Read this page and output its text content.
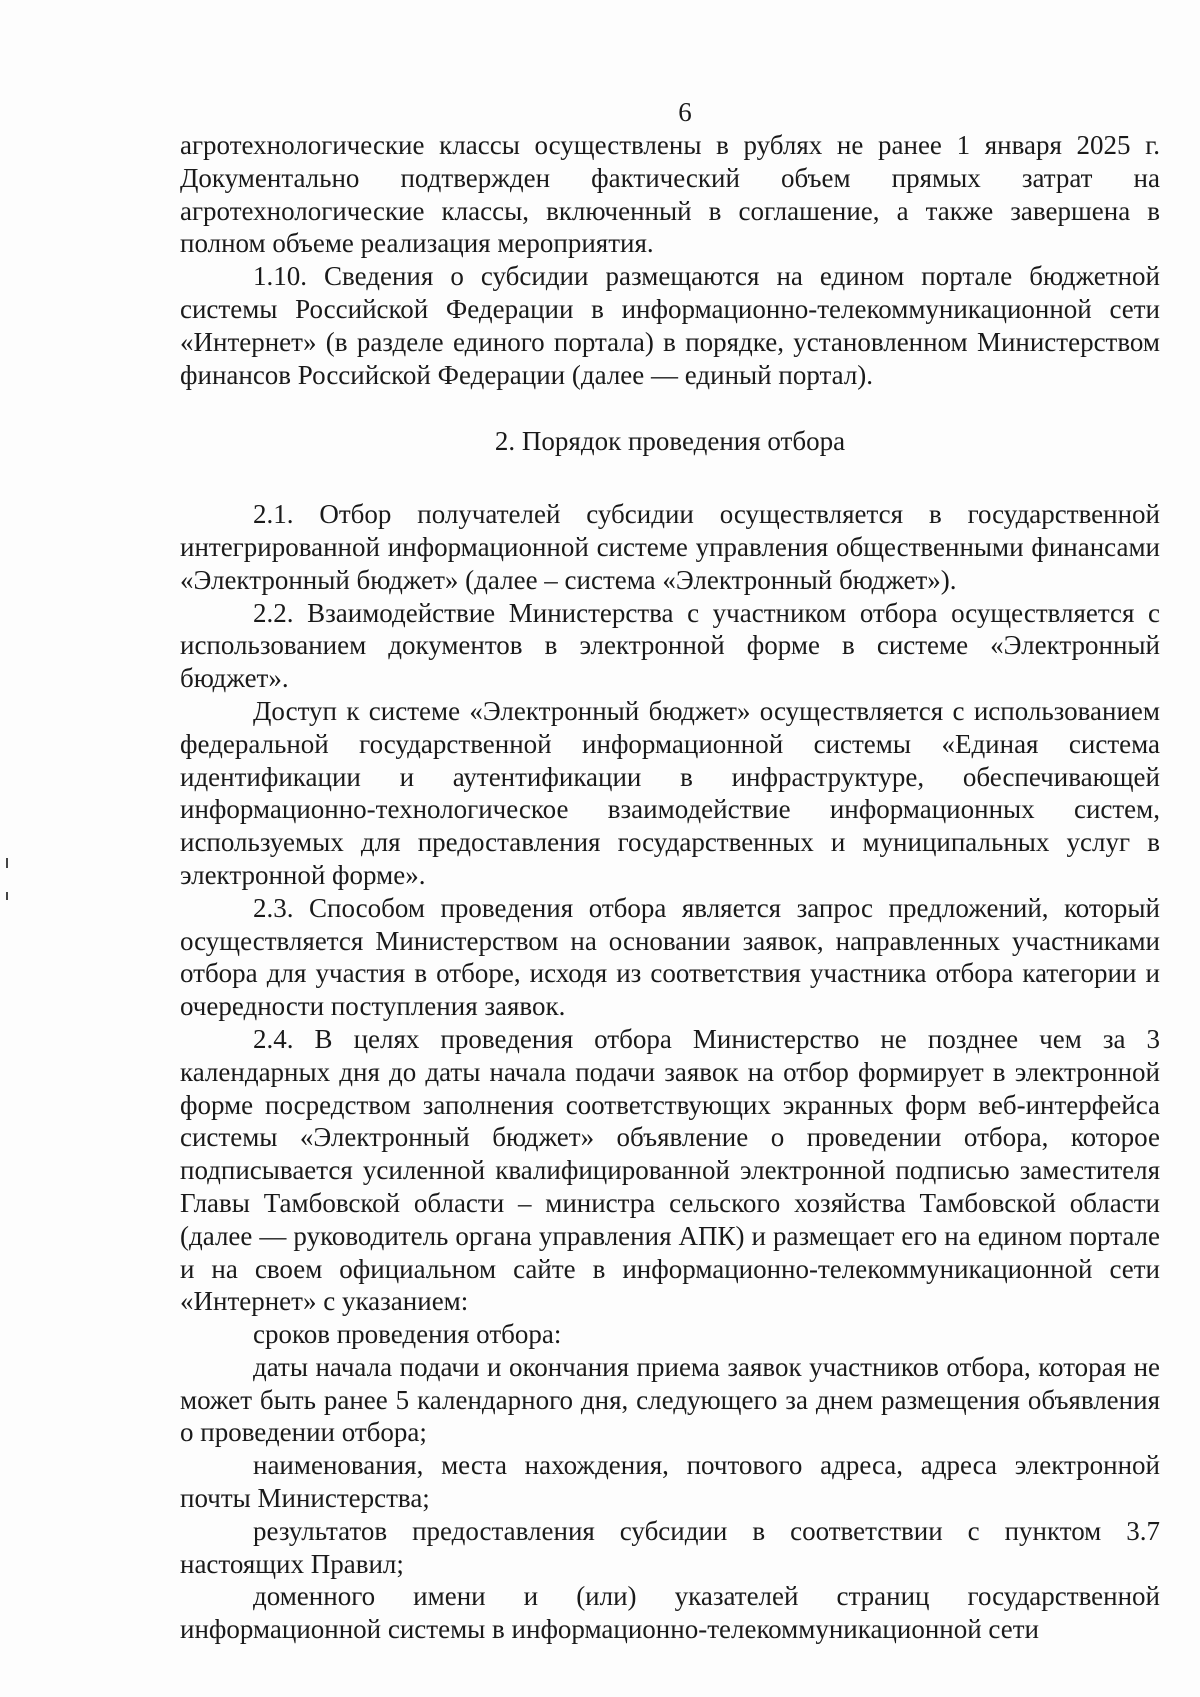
6

агротехнологические классы осуществлены в рублях не ранее 1 января 2025 г. Документально подтвержден фактический объем прямых затрат на агротехнологические классы, включенный в соглашение, а также завершена в полном объеме реализация мероприятия.

1.10. Сведения о субсидии размещаются на едином портале бюджетной системы Российской Федерации в информационно-телекоммуникационной сети «Интернет» (в разделе единого портала) в порядке, установленном Министерством финансов Российской Федерации (далее — единый портал).

2. Порядок проведения отбора

2.1. Отбор получателей субсидии осуществляется в государственной интегрированной информационной системе управления общественными финансами «Электронный бюджет» (далее – система «Электронный бюджет»).

2.2. Взаимодействие Министерства с участником отбора осуществляется с использованием документов в электронной форме в системе «Электронный бюджет».

Доступ к системе «Электронный бюджет» осуществляется с использованием федеральной государственной информационной системы «Единая система идентификации и аутентификации в инфраструктуре, обеспечивающей информационно-технологическое взаимодействие информационных систем, используемых для предоставления государственных и муниципальных услуг в электронной форме».

2.3. Способом проведения отбора является запрос предложений, который осуществляется Министерством на основании заявок, направленных участниками отбора для участия в отборе, исходя из соответствия участника отбора категории и очередности поступления заявок.

2.4. В целях проведения отбора Министерство не позднее чем за 3 календарных дня до даты начала подачи заявок на отбор формирует в электронной форме посредством заполнения соответствующих экранных форм веб-интерфейса системы «Электронный бюджет» объявление о проведении отбора, которое подписывается усиленной квалифицированной электронной подписью заместителя Главы Тамбовской области – министра сельского хозяйства Тамбовской области (далее — руководитель органа управления АПК) и размещает его на едином портале и на своем официальном сайте в информационно-телекоммуникационной сети «Интернет» с указанием:

сроков проведения отбора:

даты начала подачи и окончания приема заявок участников отбора, которая не может быть ранее 5 календарного дня, следующего за днем размещения объявления о проведении отбора;

наименования, места нахождения, почтового адреса, адреса электронной почты Министерства;

результатов предоставления субсидии в соответствии с пунктом 3.7 настоящих Правил;

доменного имени и (или) указателей страниц государственной информационной системы в информационно-телекоммуникационной сети
